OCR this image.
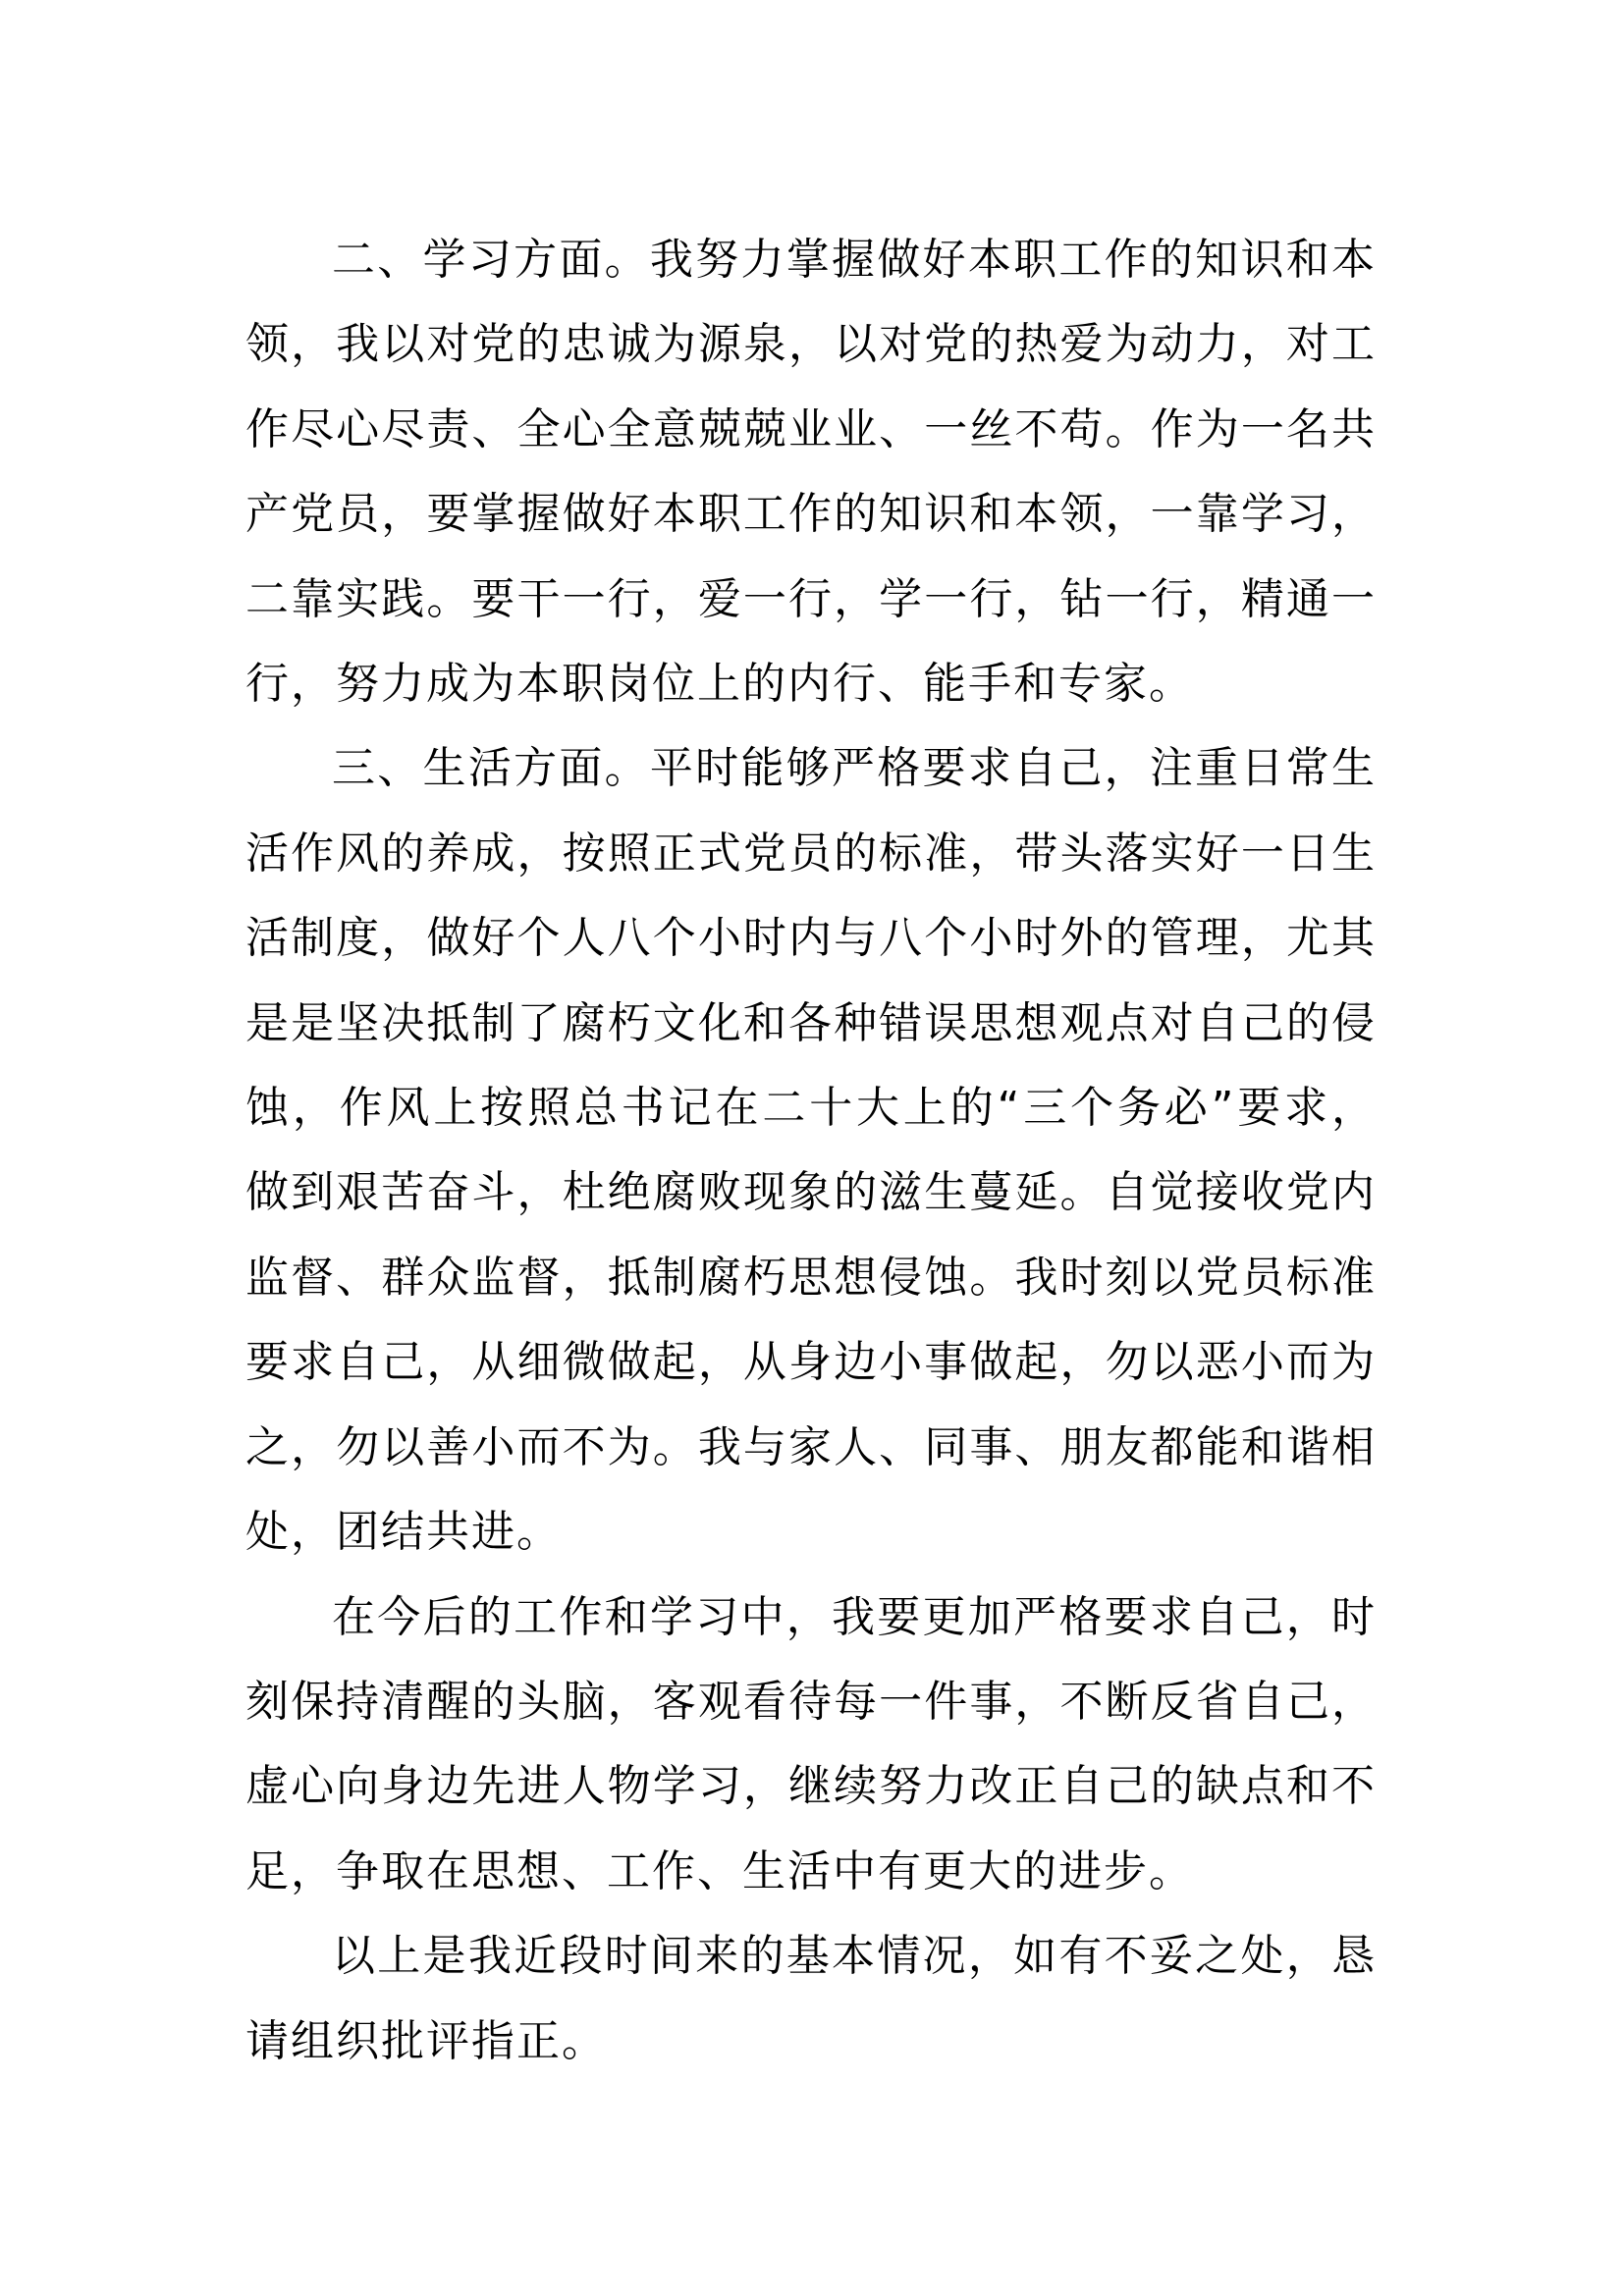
二、学习方面。我努力掌握做好本职工作的知识和本领，我以对党的忠诚为源泉，以对党的热爱为动力，对工作尽心尽责、全心全意兢兢业业、一丝不苟。作为一名共产党员，要掌握做好本职工作的知识和本领，一靠学习，二靠实践。要干一行，爱一行，学一行，钻一行，精通一行，努力成为本职岗位上的内行、能手和专家。

三、生活方面。平时能够严格要求自己，注重日常生活作风的养成，按照正式党员的标准，带头落实好一日生活制度，做好个人八个小时内与八个小时外的管理，尤其是是坚决抵制了腐朽文化和各种错误思想观点对自己的侵蚀，作风上按照总书记在二十大上的“三个务必”要求，做到艰苦奋斗，杜绝腐败现象的滋生蔓延。自觉接收党内监督、群众监督，抵制腐朽思想侵蚀。我时刻以党员标准要求自己，从细微做起，从身边小事做起，勿以恶小而为之，勿以善小而不为。我与家人、同事、朋友都能和谐相处，团结共进。

在今后的工作和学习中，我要更加严格要求自己，时刻保持清醒的头脑，客观看待每一件事，不断反省自己，虚心向身边先进人物学习，继续努力改正自己的缺点和不足，争取在思想、工作、生活中有更大的进步。

以上是我近段时间来的基本情况，如有不妥之处，恳请组织批评指正。
